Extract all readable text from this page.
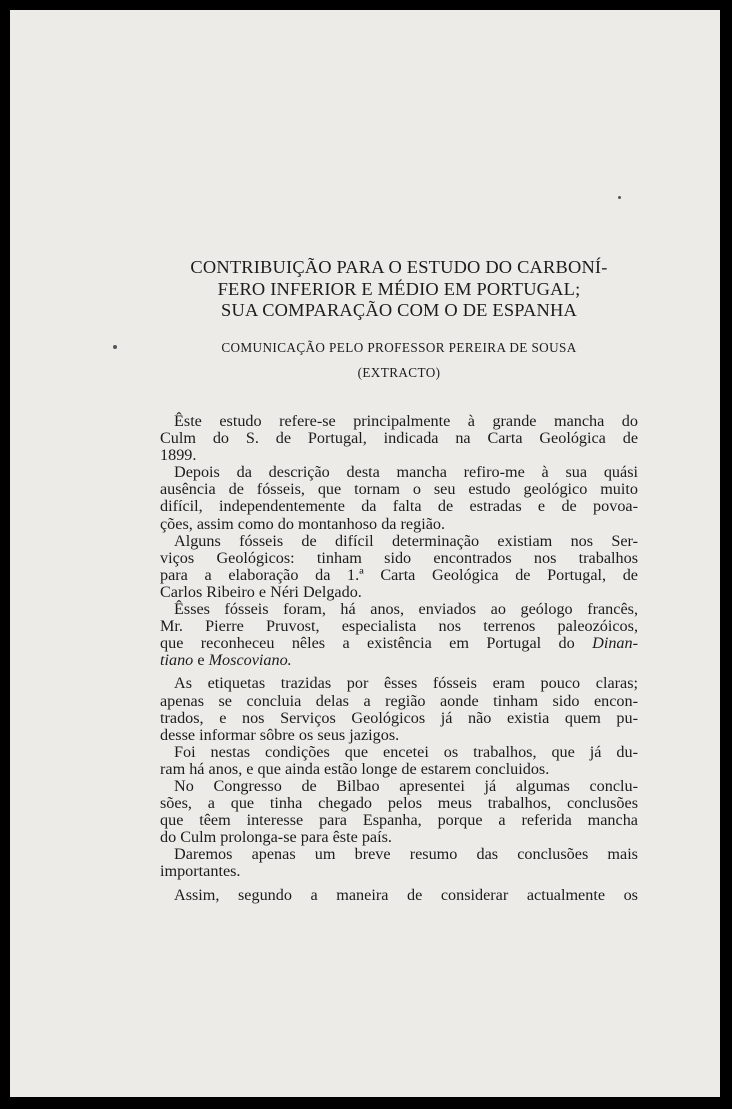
CONTRIBUIÇÃO PARA O ESTUDO DO CARBONÍ-
FERO INFERIOR E MÉDIO EM PORTUGAL;
SUA COMPARAÇÃO COM O DE ESPANHA

COMUNICAÇÃO PELO PROFESSOR PEREIRA DE SOUSA

(EXTRACTO)

Êste estudo refere-se principalmente à grande mancha do
Culm do S. de Portugal, indicada na Carta Geológica de
1899.
Depois da descrição desta mancha refiro-me à sua quási
ausência de fósseis, que tornam o seu estudo geológico muito
difícil, independentemente da falta de estradas e de povoa-
ções, assim como do montanhoso da região.
Alguns fósseis de difícil determinação existiam nos Ser-
viços Geológicos: tinham sido encontrados nos trabalhos
para a elaboração da 1.ª Carta Geológica de Portugal, de
Carlos Ribeiro e Néri Delgado.
Êsses fósseis foram, há anos, enviados ao geólogo francês,
Mr. Pierre Pruvost, especialista nos terrenos paleozóicos,
que reconheceu nêles a existência em Portugal do Dinan-
tiano e Moscoviano.
As etiquetas trazidas por êsses fósseis eram pouco claras;
apenas se concluia delas a região aonde tinham sido encon-
trados, e nos Serviços Geológicos já não existia quem pu-
desse informar sôbre os seus jazigos.
Foi nestas condições que encetei os trabalhos, que já du-
ram há anos, e que ainda estão longe de estarem concluidos.
No Congresso de Bilbao apresentei já algumas conclu-
sões, a que tinha chegado pelos meus trabalhos, conclusões
que têem interesse para Espanha, porque a referida mancha
do Culm prolonga-se para êste país.
Daremos apenas um breve resumo das conclusões mais
importantes.
Assim, segundo a maneira de considerar actualmente os
